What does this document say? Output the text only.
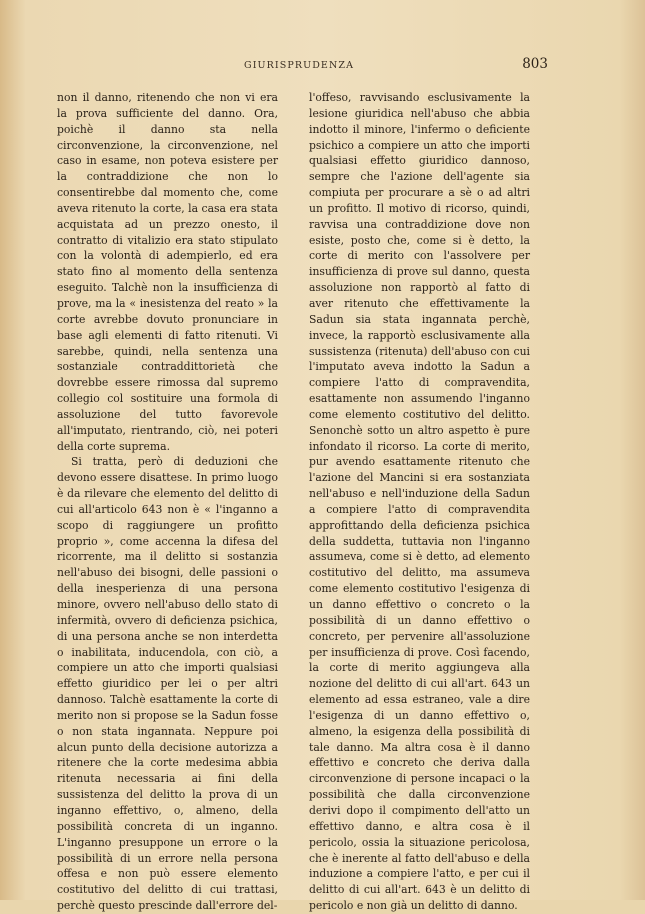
GIURISPRUDENZA	803

non il danno, ritenendo che non vi era la prova sufficiente del danno. Ora, poichè il danno sta nella circonvenzione, la circonvenzione, nel caso in esame, non poteva esistere per la contraddizione che non lo consentirebbe dal momento che, come aveva ritenuto la corte, la casa era stata acquistata ad un prezzo onesto, il contratto di vitalizio era stato stipulato con la volontà di adempierlo, ed era stato fino al momento della sentenza eseguito. Talchè non la insufficienza di prove, ma la « inesistenza del reato » la corte avrebbe dovuto pronunciare in base agli elementi di fatto ritenuti. Vi sarebbe, quindi, nella sentenza una sostanziale contraddittorietà che dovrebbe essere rimossa dal supremo collegio col sostituire una formola di assoluzione del tutto favorevole all'imputato, rientrando, ciò, nei poteri della corte suprema.

Si tratta, però di deduzioni che devono essere disattese. In primo luogo è da rilevare che elemento del delitto di cui all'articolo 643 non è « l'inganno a scopo di raggiungere un profitto proprio », come accenna la difesa del ricorrente, ma il delitto si sostanzia nell'abuso dei bisogni, delle passioni o della inesperienza di una persona minore, ovvero nell'abuso dello stato di infermità, ovvero di deficienza psichica, di una persona anche se non interdetta o inabilitata, inducendola, con ciò, a compiere un atto che importi qualsiasi effetto giuridico per lei o per altri dannoso. Talchè esattamente la corte di merito non si propose se la Sadun fosse o non stata ingannata. Neppure poi alcun punto della decisione autorizza a ritenere che la corte medesima abbia ritenuta necessaria ai fini della sussistenza del delitto la prova di un inganno effettivo, o, almeno, della possibilità concreta di un inganno. L'inganno presuppone un errore o la possibilità di un errore nella persona offesa e non può essere elemento costitutivo del delitto di cui trattasi, perchè questo prescinde dall'errore del-

l'offeso, ravvisando esclusivamente la lesione giuridica nell'abuso che abbia indotto il minore, l'infermo o deficiente psichico a compiere un atto che importi qualsiasi effetto giuridico dannoso, sempre che l'azione dell'agente sia compiuta per procurare a sè o ad altri un profitto. Il motivo di ricorso, quindi, ravvisa una contraddizione dove non esiste, posto che, come si è detto, la corte di merito con l'assolvere per insufficienza di prove sul danno, questa assoluzione non rapportò al fatto di aver ritenuto che effettivamente la Sadun sia stata ingannata perchè, invece, la rapportò esclusivamente alla sussistenza (ritenuta) dell'abuso con cui l'imputato aveva indotto la Sadun a compiere l'atto di compravendita, esattamente non assumendo l'inganno come elemento costitutivo del delitto. Senonchè sotto un altro aspetto è pure infondato il ricorso. La corte di merito, pur avendo esattamente ritenuto che l'azione del Mancini si era sostanziata nell'abuso e nell'induzione della Sadun a compiere l'atto di compravendita approfittando della deficienza psichica della suddetta, tuttavia non l'inganno assumeva, come si è detto, ad elemento costitutivo del delitto, ma assumeva come elemento costitutivo l'esigenza di un danno effettivo o concreto o la possibilità di un danno effettivo o concreto, per pervenire all'assoluzione per insufficienza di prove. Così facendo, la corte di merito aggiungeva alla nozione del delitto di cui all'art. 643 un elemento ad essa estraneo, vale a dire l'esigenza di un danno effettivo o, almeno, la esigenza della possibilità di tale danno. Ma altra cosa è il danno effettivo e concreto che deriva dalla circonvenzione di persone incapaci o la possibilità che dalla circonvenzione derivi dopo il compimento dell'atto un effettivo danno, e altra cosa è il pericolo, ossia la situazione pericolosa, che è inerente al fatto dell'abuso e della induzione a compiere l'atto, e per cui il delitto di cui all'art. 643 è un delitto di pericolo e non già un delitto di danno.
